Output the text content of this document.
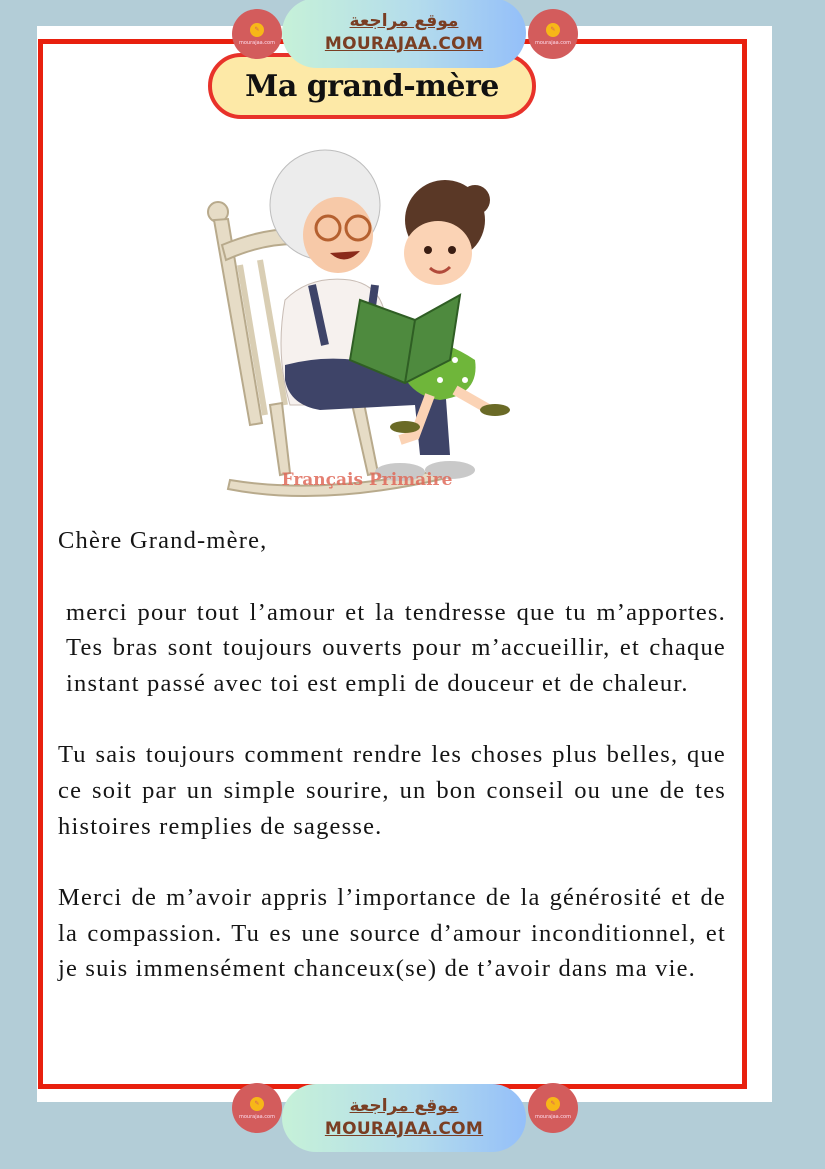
✎
mourajaa.com
موقع مراجعة
MOURAJAA.COM
✎
mourajaa.com
Ma grand-mère
Français Primaire

Chère Grand-mère,

merci pour tout l’amour et la tendresse que tu m’apportes. Tes bras sont toujours ouverts pour m’accueillir, et chaque instant passé avec toi est empli de douceur et de chaleur.

Tu sais toujours comment rendre les choses plus belles, que ce soit par un simple sourire, un bon conseil ou une de tes histoires remplies de sagesse.

Merci de m’avoir appris l’importance de la générosité et de la compassion. Tu es une source d’amour inconditionnel, et je suis immensément chanceux(se) de t’avoir dans ma vie.

✎
mourajaa.com
موقع مراجعة
MOURAJAA.COM
✎
mourajaa.com
